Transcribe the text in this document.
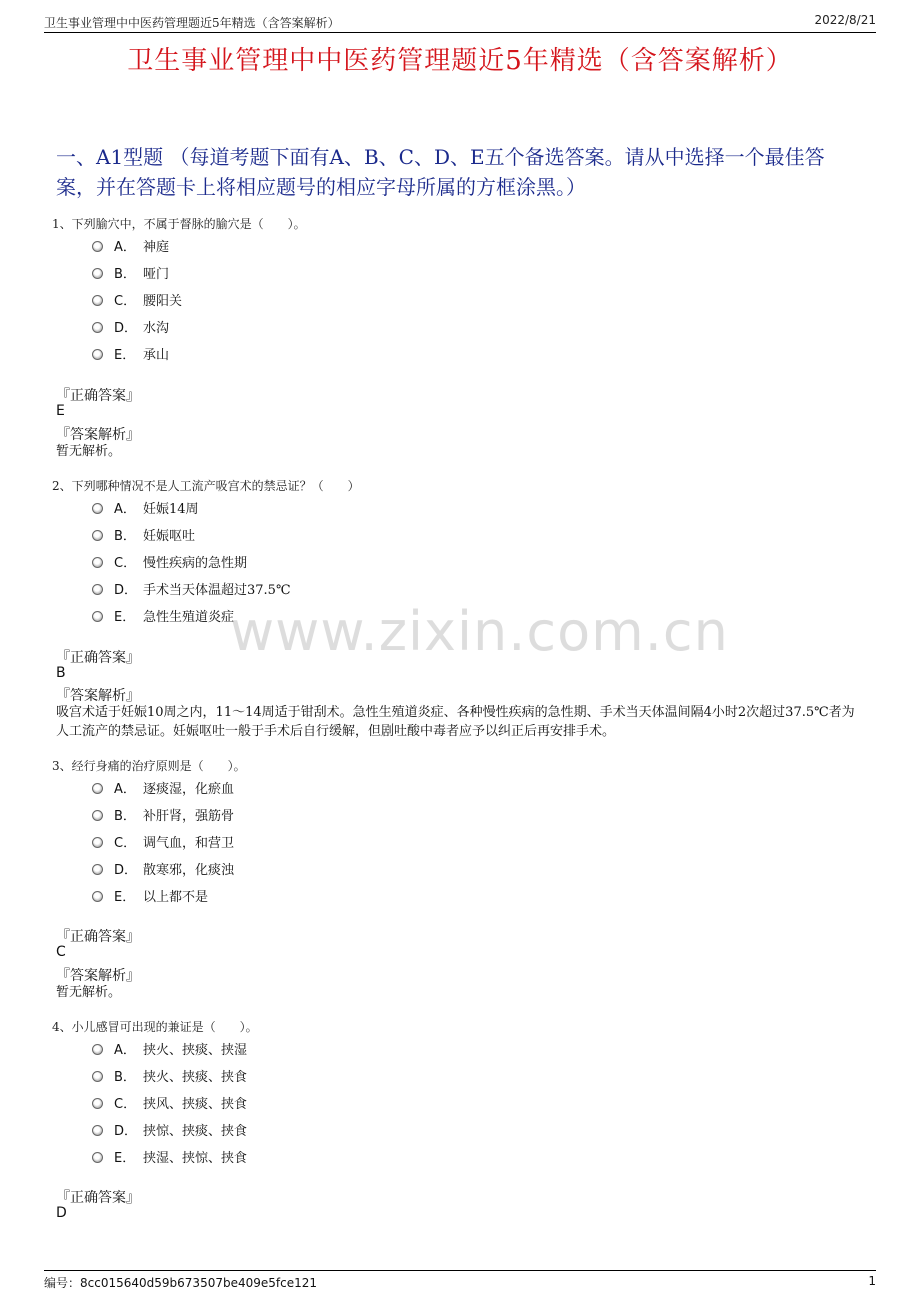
卫生事业管理中中医药管理题近5年精选（含答案解析）	2022/8/21
卫生事业管理中中医药管理题近5年精选（含答案解析）
一、A1型题 （每道考题下面有A、B、C、D、E五个备选答案。请从中选择一个最佳答案，并在答题卡上将相应题号的相应字母所属的方框涂黑。）
www.zixin.com.cn
1、下列腧穴中，不属于督脉的腧穴是（　　）。
A． 神庭
B． 哑门
C． 腰阳关
D． 水沟
E． 承山
『正确答案』
E
『答案解析』
暂无解析。
2、下列哪种情况不是人工流产吸宫术的禁忌证？（　　）
A． 妊娠14周
B． 妊娠呕吐
C． 慢性疾病的急性期
D． 手术当天体温超过37.5℃
E． 急性生殖道炎症
『正确答案』
B
『答案解析』
吸宫术适于妊娠10周之内，11～14周适于钳刮术。急性生殖道炎症、各种慢性疾病的急性期、手术当天体温间隔4小时2次超过37.5℃者为人工流产的禁忌证。妊娠呕吐一般于手术后自行缓解，但剧吐酸中毒者应予以纠正后再安排手术。
3、经行身痛的治疗原则是（　　）。
A． 逐痰湿，化瘀血
B． 补肝肾，强筋骨
C． 调气血，和营卫
D． 散寒邪，化痰浊
E． 以上都不是
『正确答案』
C
『答案解析』
暂无解析。
4、小儿感冒可出现的兼证是（　　）。
A． 挟火、挟痰、挟湿
B． 挟火、挟痰、挟食
C． 挟风、挟痰、挟食
D． 挟惊、挟痰、挟食
E． 挟湿、挟惊、挟食
『正确答案』
D
编号：8cc015640d59b673507be409e5fce121	1
